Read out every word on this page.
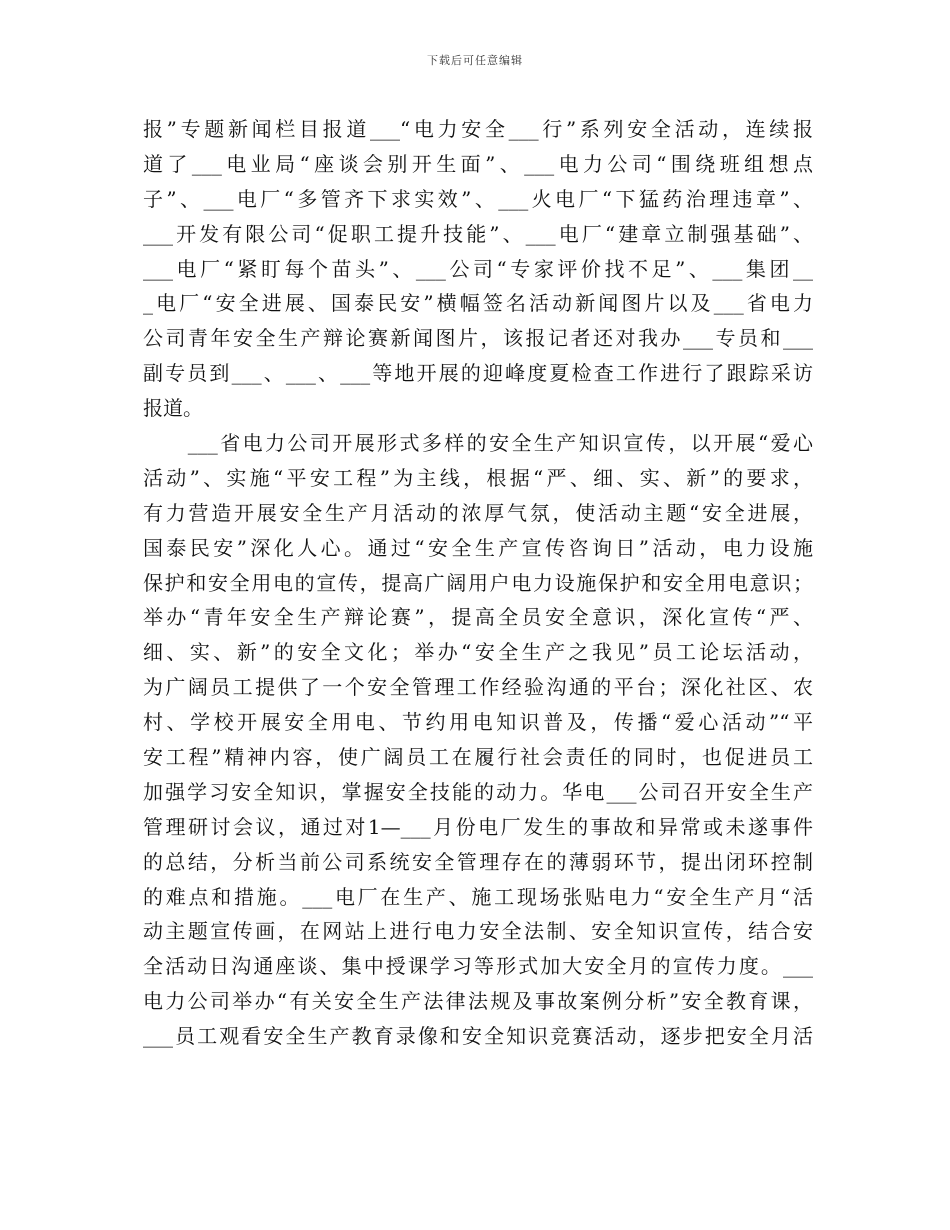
下载后可任意编辑
报”专题新闻栏目报道___“电力安全___行”系列安全活动，连续报
道了___电业局“座谈会别开生面”、___电力公司“围绕班组想点
子”、___电厂“多管齐下求实效”、___火电厂“下猛药治理违章”、
___开发有限公司“促职工提升技能”、___电厂“建章立制强基础”、
___电厂“紧盯每个苗头”、___公司“专家评价找不足”、___集团__
_电厂“安全进展、国泰民安”横幅签名活动新闻图片以及___省电力
公司青年安全生产辩论赛新闻图片，该报记者还对我办___专员和___
副专员到___、___、___等地开展的迎峰度夏检查工作进行了跟踪采访
报道。
　　___省电力公司开展形式多样的安全生产知识宣传，以开展“爱心
活动”、实施“平安工程”为主线，根据“严、细、实、新”的要求，
有力营造开展安全生产月活动的浓厚气氛，使活动主题“安全进展，
国泰民安”深化人心。通过“安全生产宣传咨询日”活动，电力设施
保护和安全用电的宣传，提高广阔用户电力设施保护和安全用电意识；
举办“青年安全生产辩论赛”，提高全员安全意识，深化宣传“严、
细、实、新”的安全文化；举办“安全生产之我见”员工论坛活动，
为广阔员工提供了一个安全管理工作经验沟通的平台；深化社区、农
村、学校开展安全用电、节约用电知识普及，传播“爱心活动”“平
安工程”精神内容，使广阔员工在履行社会责任的同时，也促进员工
加强学习安全知识，掌握安全技能的动力。华电___公司召开安全生产
管理研讨会议，通过对1—___月份电厂发生的事故和异常或未遂事件
的总结，分析当前公司系统安全管理存在的薄弱环节，提出闭环控制
的难点和措施。___电厂在生产、施工现场张贴电力“安全生产月“活
动主题宣传画，在网站上进行电力安全法制、安全知识宣传，结合安
全活动日沟通座谈、集中授课学习等形式加大安全月的宣传力度。___
电力公司举办“有关安全生产法律法规及事故案例分析”安全教育课，
___员工观看安全生产教育录像和安全知识竞赛活动，逐步把安全月活
